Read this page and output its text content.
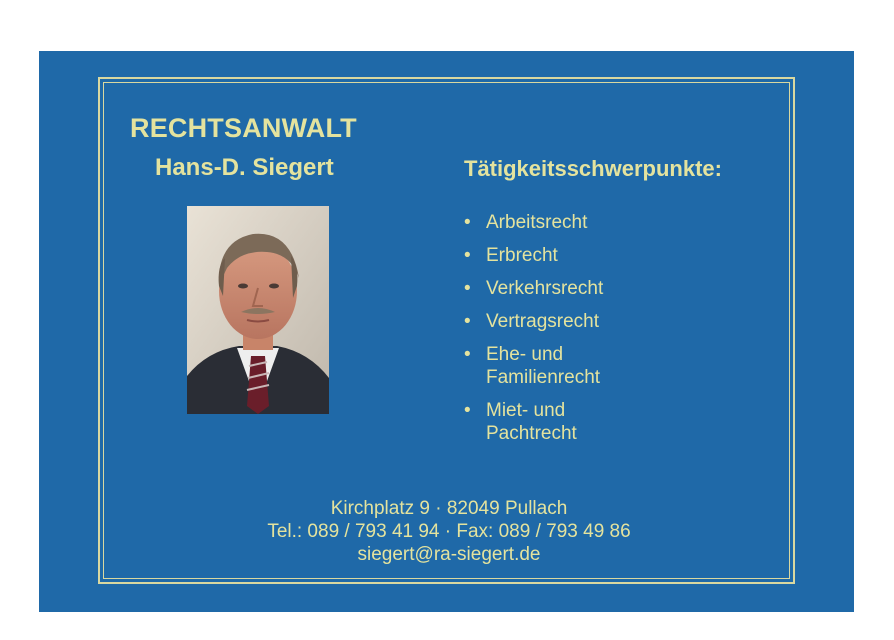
RECHTSANWALT
Hans-D. Siegert	Tätigkeitsschwerpunkte:
• Arbeitsrecht
• Erbrecht
• Verkehrsrecht
• Vertragsrecht
• Ehe- und
Familienrecht
• Miet- und
Pachtrecht
Kirchplatz 9 · 82049 Pullach
Tel.: 089 / 793 41 94 · Fax: 089 / 793 49 86
siegert@ra-siegert.de
